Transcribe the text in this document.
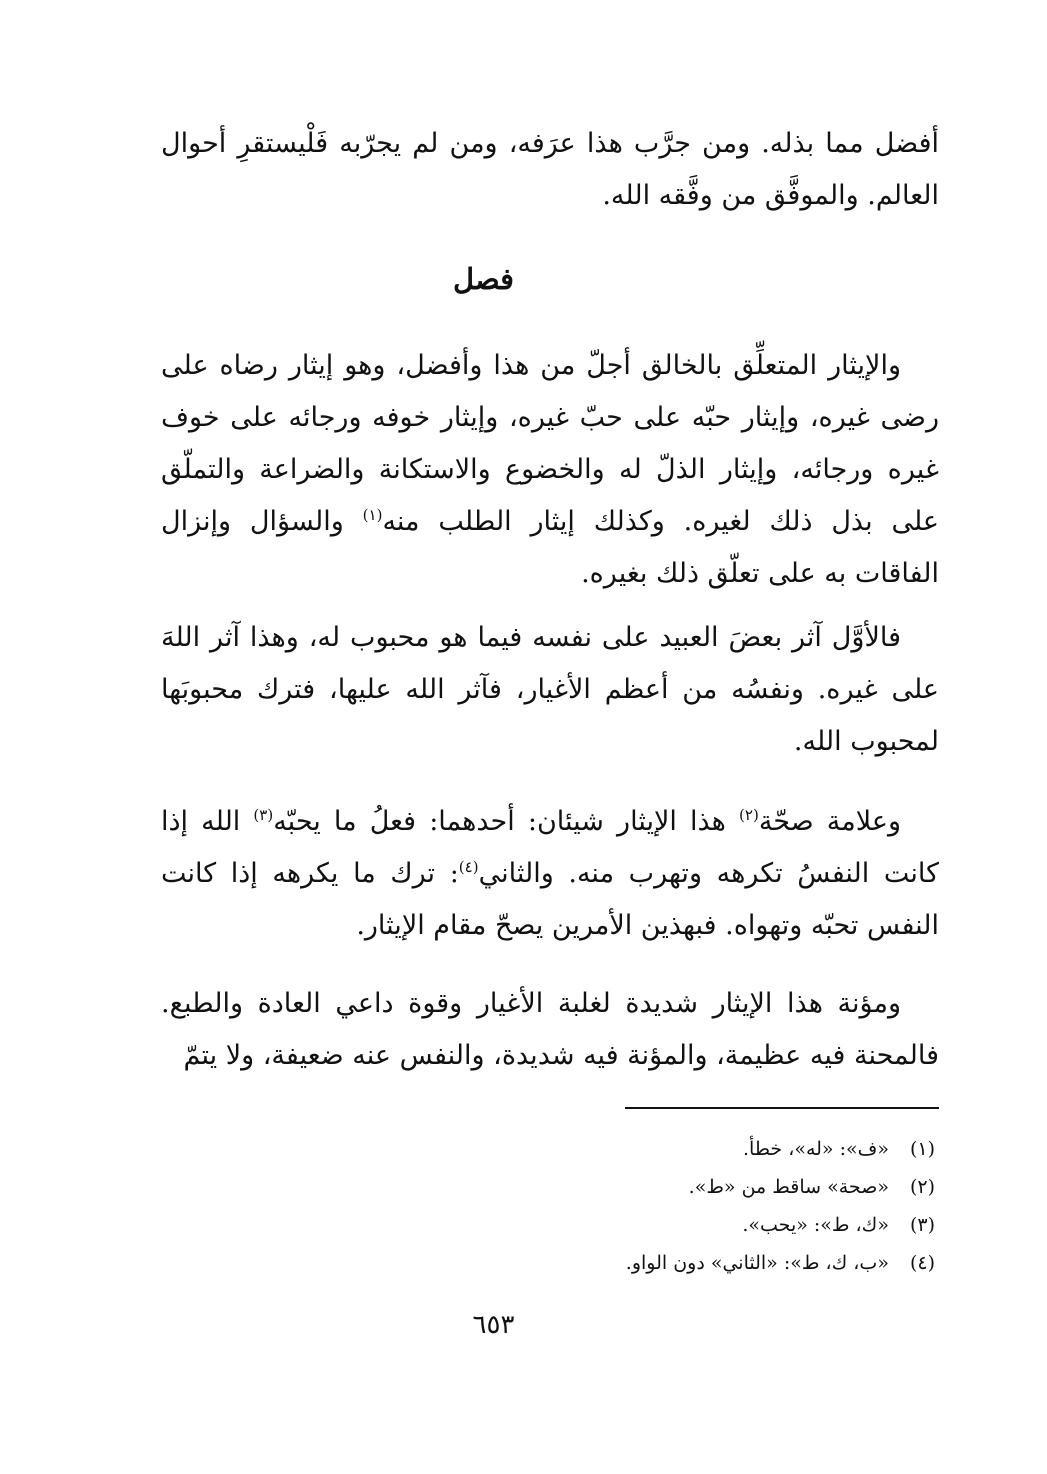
أفضل مما بذله. ومن جرَّب هذا عرَفه، ومن لم يجرّبه فَلْيستقرِ أحوال العالم. والموفَّق من وفَّقه الله.
فصل
والإيثار المتعلِّق بالخالق أجلّ من هذا وأفضل، وهو إيثار رضاه على رضى غيره، وإيثار حبّه على حبّ غيره، وإيثار خوفه ورجائه على خوف غيره ورجائه، وإيثار الذلّ له والخضوع والاستكانة والضراعة والتملّق على بذل ذلك لغيره. وكذلك إيثار الطلب منه$^{(١)}$ والسؤال وإنزال الفاقات به على تعلّق ذلك بغيره.
فالأوَّل آثر بعضَ العبيد على نفسه فيما هو محبوب له، وهذا آثر اللهَ على غيره. ونفسُه من أعظم الأغيار، فآثر الله عليها، فترك محبوبَها لمحبوب الله.
وعلامة صحّة$^{(٢)}$ هذا الإيثار شيئان: أحدهما: فعلُ ما يحبّه$^{(٣)}$ الله إذا كانت النفسُ تكرهه وتهرب منه. والثاني$^{(٤)}$: ترك ما يكرهه إذا كانت النفس تحبّه وتهواه. فبهذين الأمرين يصحّ مقام الإيثار.
ومؤنة هذا الإيثار شديدة لغلبة الأغيار وقوة داعي العادة والطبع. فالمحنة فيه عظيمة، والمؤنة فيه شديدة، والنفس عنه ضعيفة، ولا يتمّ
(١) «ف»: «له»، خطأ.
(٢) «صحة» ساقط من «ط».
(٣) «ك، ط»: «يحب».
(٤) «ب، ك، ط»: «الثاني» دون الواو.
٦٥٣
